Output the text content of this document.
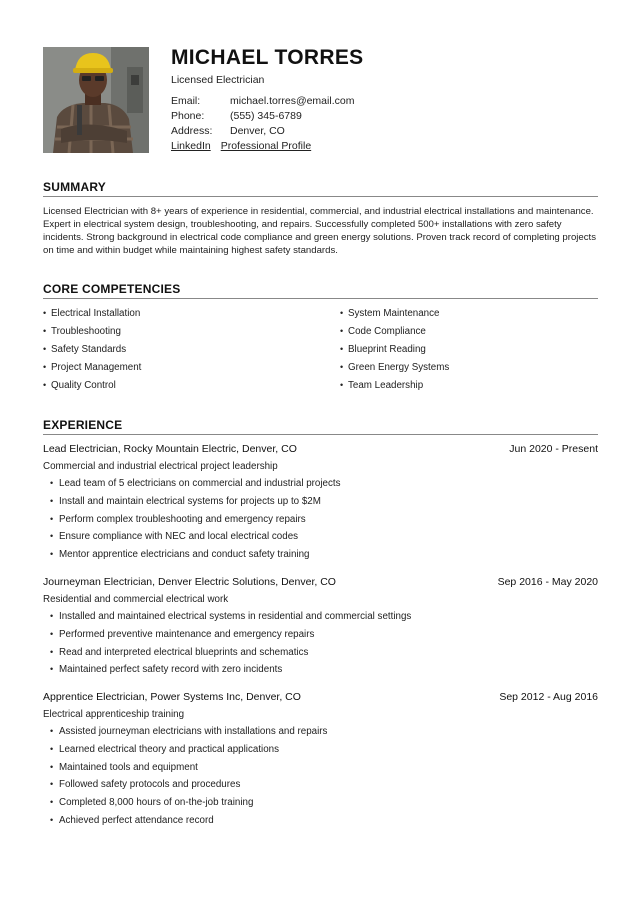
MICHAEL TORRES
Licensed Electrician
Email:	michael.torres@email.com
Phone: (555) 345-6789
Address: Denver, CO
LinkedIn Professional Profile
SUMMARY
Licensed Electrician with 8+ years of experience in residential, commercial, and industrial electrical installations and maintenance. Expert in electrical system design, troubleshooting, and repairs. Successfully completed 500+ installations with zero safety incidents. Strong background in electrical code compliance and green energy solutions. Proven track record of completing projects on time and within budget while maintaining highest safety standards.
CORE COMPETENCIES
• Electrical Installation
• Troubleshooting
• Safety Standards
• Project Management
• Quality Control
• System Maintenance
• Code Compliance
• Blueprint Reading
• Green Energy Systems
• Team Leadership
EXPERIENCE
Lead Electrician, Rocky Mountain Electric, Denver, CO	Jun 2020 - Present
Commercial and industrial electrical project leadership
• Lead team of 5 electricians on commercial and industrial projects
• Install and maintain electrical systems for projects up to $2M
• Perform complex troubleshooting and emergency repairs
• Ensure compliance with NEC and local electrical codes
• Mentor apprentice electricians and conduct safety training
Journeyman Electrician, Denver Electric Solutions, Denver, CO	Sep 2016 - May 2020
Residential and commercial electrical work
• Installed and maintained electrical systems in residential and commercial settings
• Performed preventive maintenance and emergency repairs
• Read and interpreted electrical blueprints and schematics
• Maintained perfect safety record with zero incidents
Apprentice Electrician, Power Systems Inc, Denver, CO	Sep 2012 - Aug 2016
Electrical apprenticeship training
• Assisted journeyman electricians with installations and repairs
• Learned electrical theory and practical applications
• Maintained tools and equipment
• Followed safety protocols and procedures
• Completed 8,000 hours of on-the-job training
• Achieved perfect attendance record
